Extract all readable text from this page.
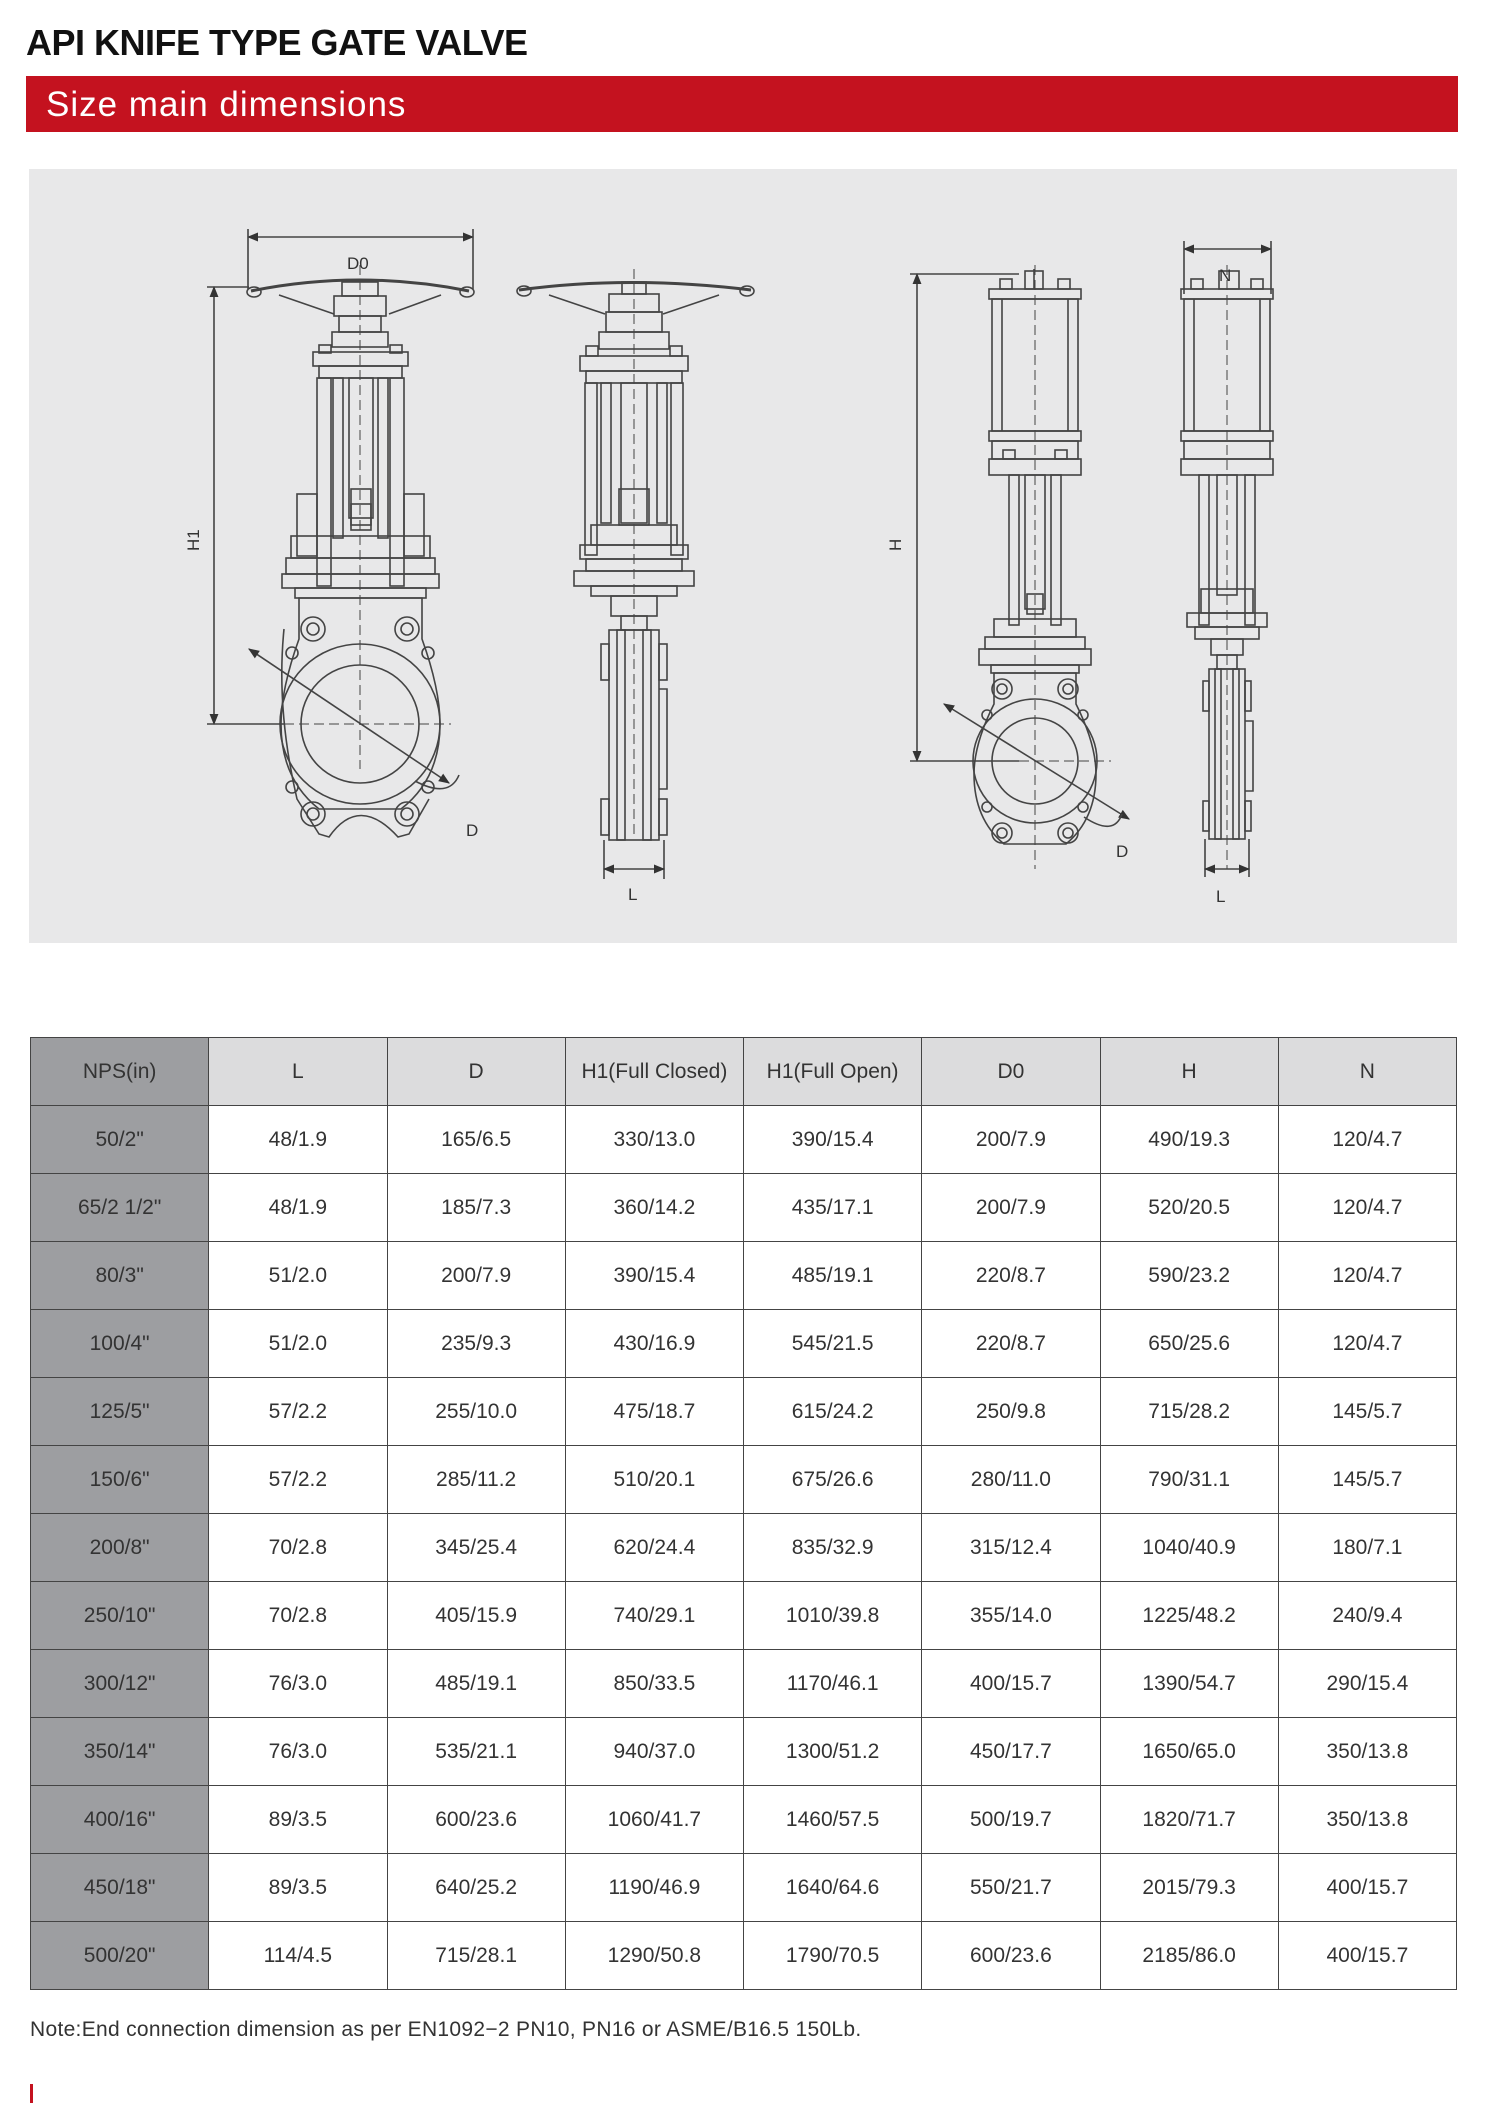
API KNIFE TYPE GATE VALVE
Size main dimensions
D0
H1
D
L
H
D
N
L
NPS(in)	L	D	H1(Full Closed)	H1(Full Open)	D0	H	N
50/2"	48/1.9	165/6.5	330/13.0	390/15.4	200/7.9	490/19.3	120/4.7
65/2 1/2"	48/1.9	185/7.3	360/14.2	435/17.1	200/7.9	520/20.5	120/4.7
80/3"	51/2.0	200/7.9	390/15.4	485/19.1	220/8.7	590/23.2	120/4.7
100/4"	51/2.0	235/9.3	430/16.9	545/21.5	220/8.7	650/25.6	120/4.7
125/5"	57/2.2	255/10.0	475/18.7	615/24.2	250/9.8	715/28.2	145/5.7
150/6"	57/2.2	285/11.2	510/20.1	675/26.6	280/11.0	790/31.1	145/5.7
200/8"	70/2.8	345/25.4	620/24.4	835/32.9	315/12.4	1040/40.9	180/7.1
250/10"	70/2.8	405/15.9	740/29.1	1010/39.8	355/14.0	1225/48.2	240/9.4
300/12"	76/3.0	485/19.1	850/33.5	1170/46.1	400/15.7	1390/54.7	290/15.4
350/14"	76/3.0	535/21.1	940/37.0	1300/51.2	450/17.7	1650/65.0	350/13.8
400/16"	89/3.5	600/23.6	1060/41.7	1460/57.5	500/19.7	1820/71.7	350/13.8
450/18"	89/3.5	640/25.2	1190/46.9	1640/64.6	550/21.7	2015/79.3	400/15.7
500/20"	114/4.5	715/28.1	1290/50.8	1790/70.5	600/23.6	2185/86.0	400/15.7
Note:End connection dimension as per EN1092−2 PN10, PN16 or ASME/B16.5 150Lb.
